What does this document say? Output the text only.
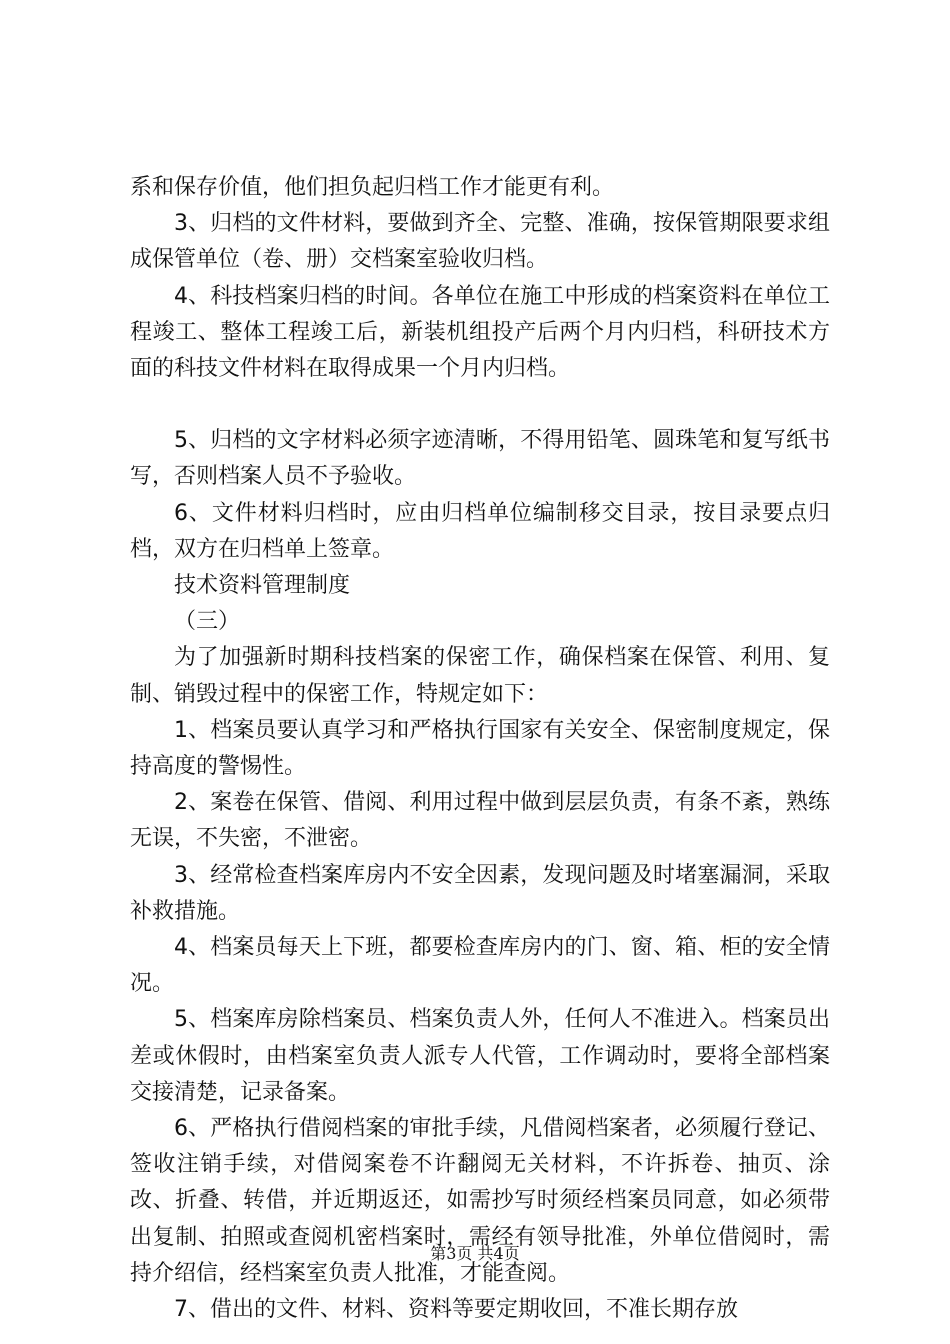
系和保存价值，他们担负起归档工作才能更有利。

3、归档的文件材料，要做到齐全、完整、准确，按保管期限要求组成保管单位（卷、册）交档案室验收归档。

4、科技档案归档的时间。各单位在施工中形成的档案资料在单位工程竣工、整体工程竣工后，新装机组投产后两个月内归档，科研技术方面的科技文件材料在取得成果一个月内归档。

5、归档的文字材料必须字迹清晰，不得用铅笔、圆珠笔和复写纸书写，否则档案人员不予验收。

6、文件材料归档时，应由归档单位编制移交目录，按目录要点归档，双方在归档单上签章。

技术资料管理制度

（三）

为了加强新时期科技档案的保密工作，确保档案在保管、利用、复制、销毁过程中的保密工作，特规定如下：

1、档案员要认真学习和严格执行国家有关安全、保密制度规定，保持高度的警惕性。

2、案卷在保管、借阅、利用过程中做到层层负责，有条不紊，熟练无误，不失密，不泄密。

3、经常检查档案库房内不安全因素，发现问题及时堵塞漏洞，采取补救措施。

4、档案员每天上下班，都要检查库房内的门、窗、箱、柜的安全情况。

5、档案库房除档案员、档案负责人外，任何人不准进入。档案员出差或休假时，由档案室负责人派专人代管，工作调动时，要将全部档案交接清楚，记录备案。

6、严格执行借阅档案的审批手续，凡借阅档案者，必须履行登记、签收注销手续，对借阅案卷不许翻阅无关材料，不许拆卷、抽页、涂改、折叠、转借，并近期返还，如需抄写时须经档案员同意，如必须带出复制、拍照或查阅机密档案时，需经有领导批准，外单位借阅时，需持介绍信，经档案室负责人批准，才能查阅。

7、借出的文件、材料、资料等要定期收回，不准长期存放

第3页 共4页
